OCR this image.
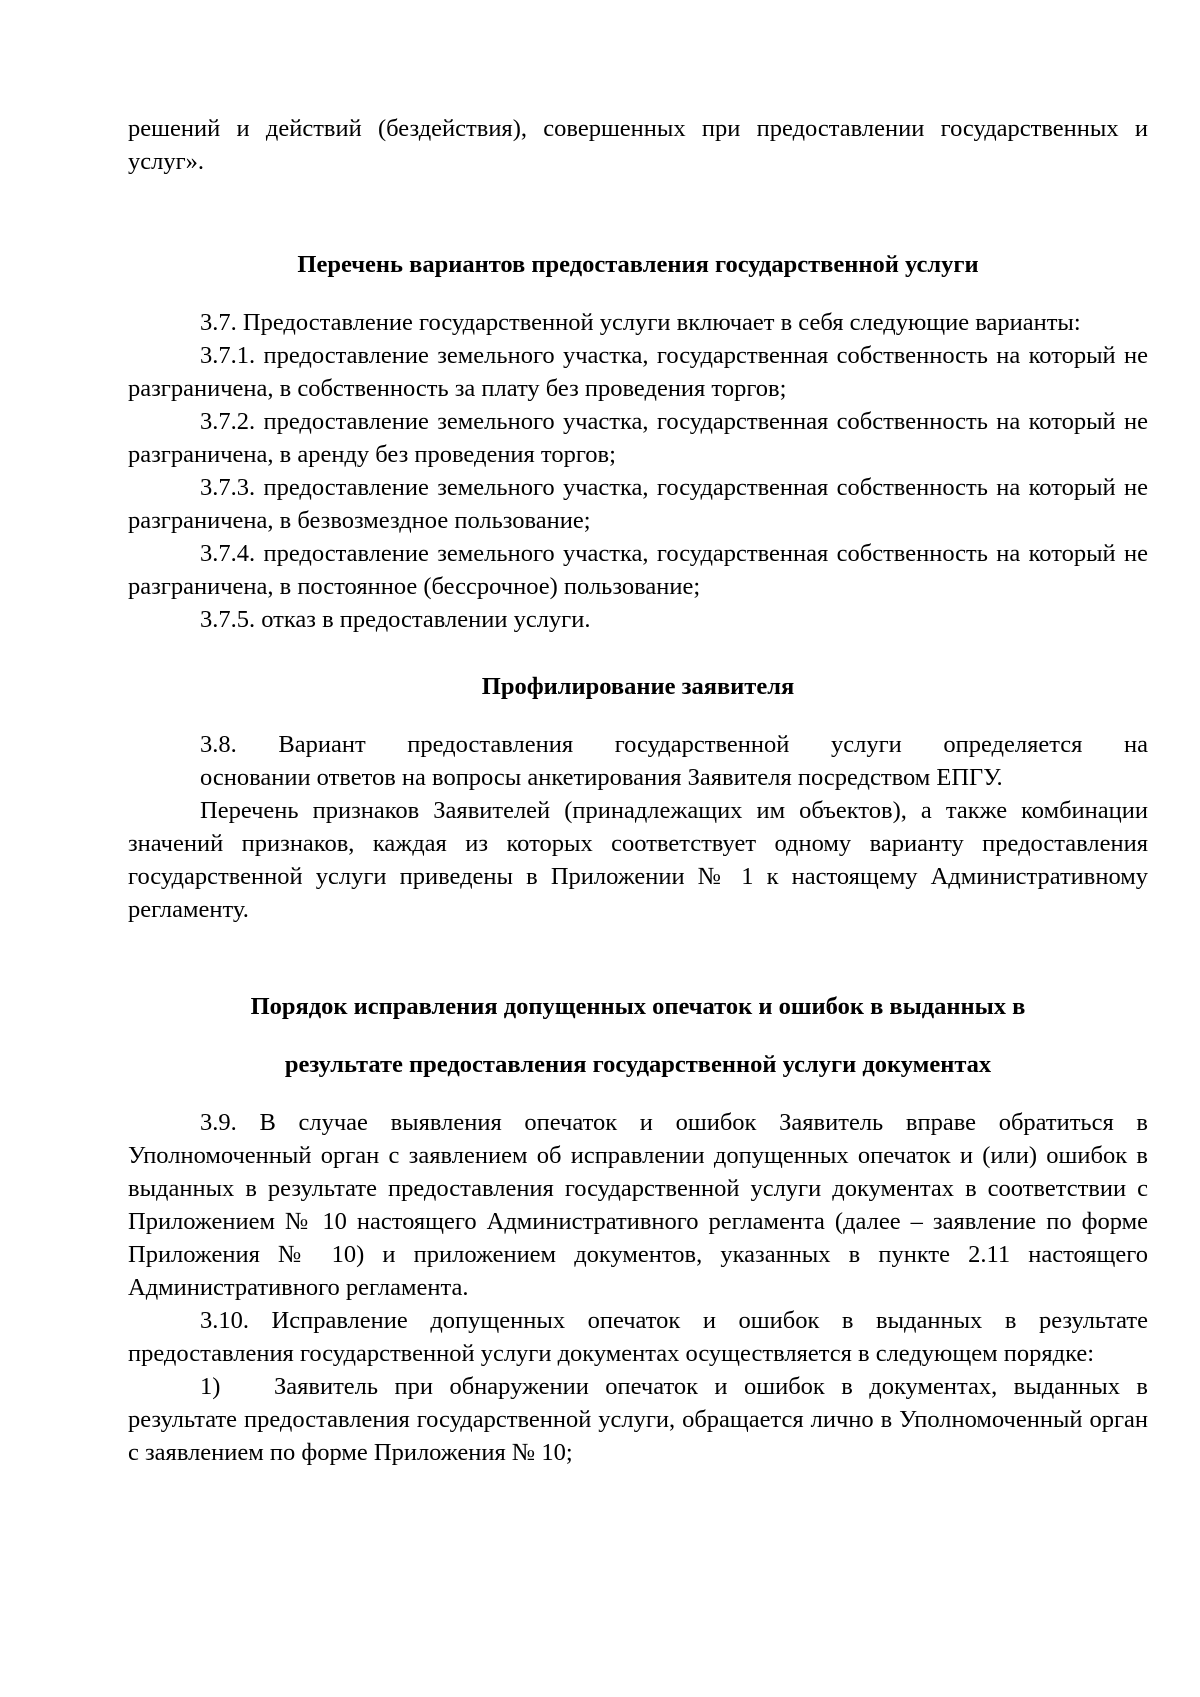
решений и действий (бездействия), совершенных при предоставлении государственных и услуг».

Перечень вариантов предоставления государственной услуги

3.7. Предоставление государственной услуги включает в себя следующие варианты:

3.7.1. предоставление земельного участка, государственная собственность на который не разграничена, в собственность за плату без проведения торгов;

3.7.2. предоставление земельного участка, государственная собственность на который не разграничена, в аренду без проведения торгов;

3.7.3. предоставление земельного участка, государственная собственность на который не разграничена, в безвозмездное пользование;

3.7.4. предоставление земельного участка, государственная собственность на который не разграничена, в постоянное (бессрочное) пользование;

3.7.5. отказ в предоставлении услуги.

Профилирование заявителя

3.8. Вариант предоставления государственной услуги определяется на

основании ответов на вопросы анкетирования Заявителя посредством ЕПГУ.

Перечень признаков Заявителей (принадлежащих им объектов), а также комбинации значений признаков, каждая из которых соответствует одному варианту предоставления государственной услуги приведены в Приложении № 1 к настоящему Административному регламенту.

Порядок исправления допущенных опечаток и ошибок в выданных в

результате предоставления государственной услуги документах

3.9. В случае выявления опечаток и ошибок Заявитель вправе обратиться в Уполномоченный орган с заявлением об исправлении допущенных опечаток и (или) ошибок в выданных в результате предоставления государственной услуги документах в соответствии с Приложением № 10 настоящего Административного регламента (далее – заявление по форме Приложения № 10) и приложением документов, указанных в пункте 2.11 настоящего Административного регламента.

3.10. Исправление допущенных опечаток и ошибок в выданных в результате предоставления государственной услуги документах осуществляется в следующем порядке:

1) Заявитель при обнаружении опечаток и ошибок в документах, выданных в результате предоставления государственной услуги, обращается лично в Уполномоченный орган с заявлением по форме Приложения № 10;
